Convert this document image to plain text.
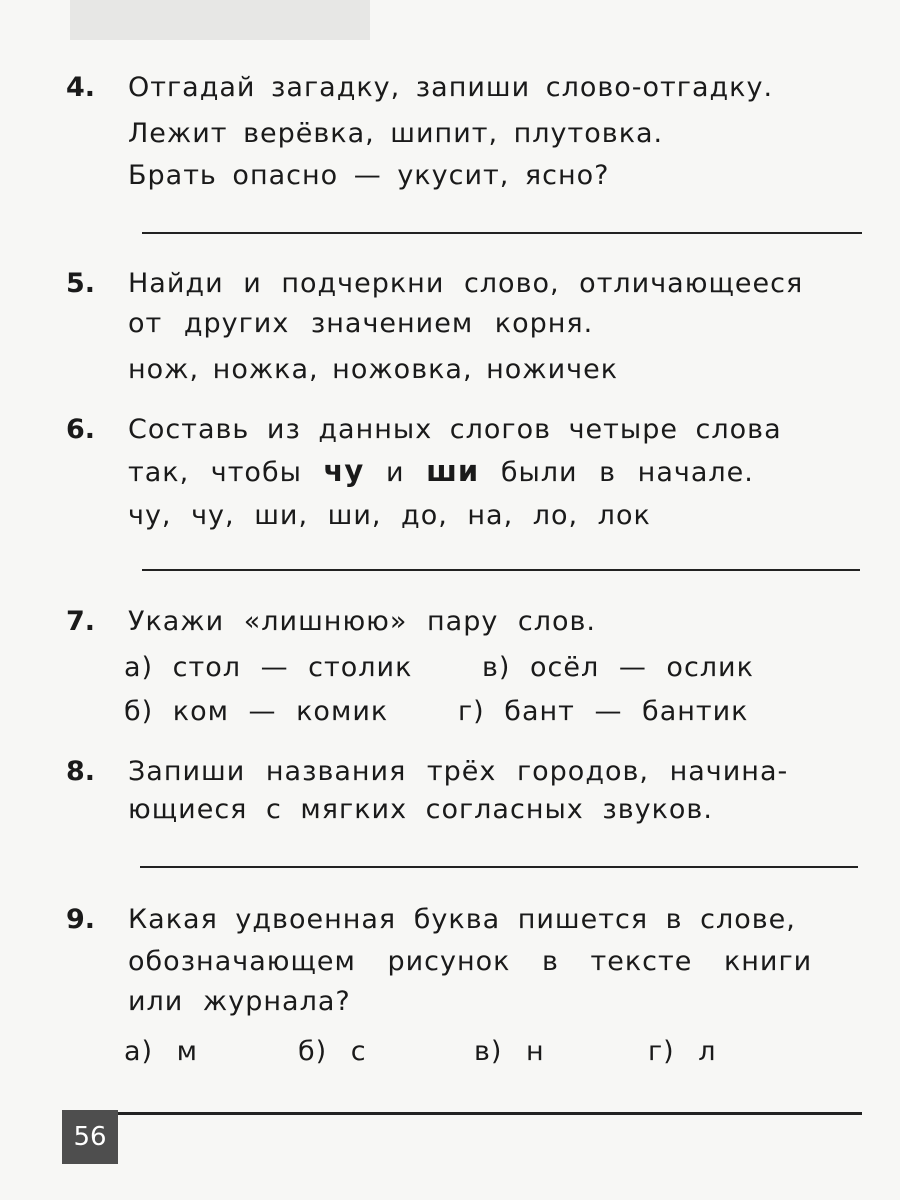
4. Отгадай загадку, запиши слово-отгадку.
Лежит верёвка, шипит, плутовка.
Брать опасно — укусит, ясно?
5. Найди и подчеркни слово, отличающееся
от других значением корня.
нож, ножка, ножовка, ножичек
6. Составь из данных слогов четыре слова
так, чтобы чу и ши были в начале.
чу, чу, ши, ши, до, на, ло, лок
7. Укажи «лишнюю» пару слов.
а) стол — столик	в) осёл — ослик
б) ком — комик	г) бант — бантик
8. Запиши названия трёх городов, начина-
ющиеся с мягких согласных звуков.
9. Какая удвоенная буква пишется в слове,
обозначающем рисунок в тексте книги
или журнала?
а) м	б) с	в) н	г) л
56
